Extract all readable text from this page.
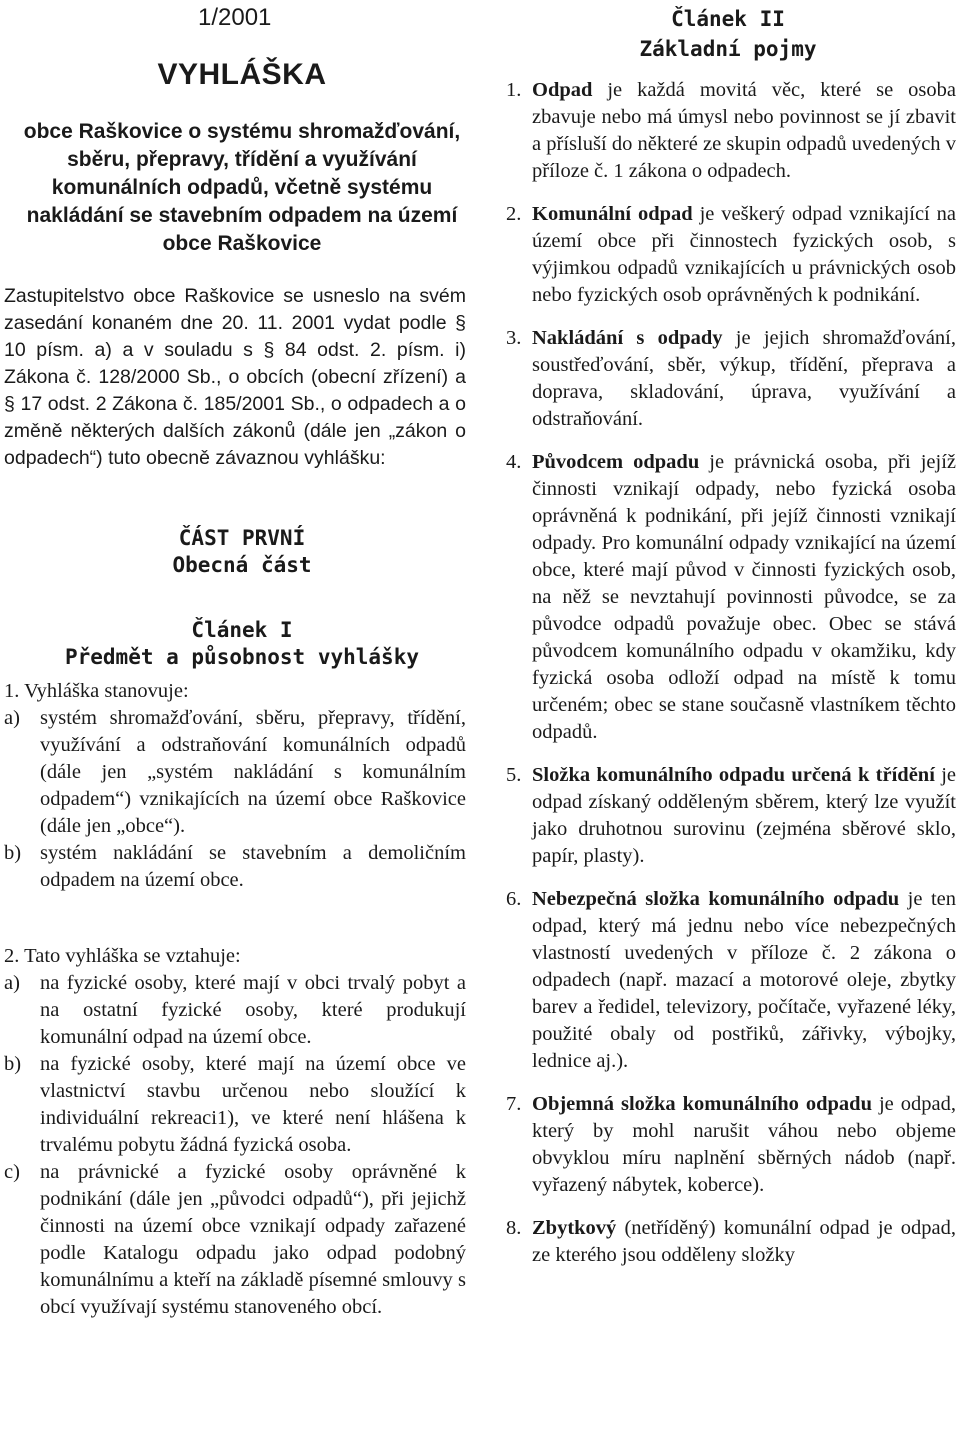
1/2001
VYHLÁŠKA
obce Raškovice o systému shromažďování,
sběru, přepravy, třídění a využívání
komunálních odpadů, včetně systému
nakládání se stavebním odpadem na území
obce Raškovice
Zastupitelstvo obce Raškovice se usneslo na svém zasedání konaném dne 20. 11. 2001 vydat podle § 10 písm. a) a v souladu s § 84 odst. 2. písm. i) Zákona č. 128/2000 Sb., o obcích (obecní zřízení) a § 17 odst. 2 Zákona č. 185/2001 Sb., o odpadech a o změně některých dalších zákonů (dále jen „zákon o odpadech“) tuto obecně závaznou vyhlášku:
ČÁST PRVNÍ
Obecná část
Článek I
Předmět a působnost vyhlášky

1. Vyhláška stanovuje:

a) systém shromažďování, sběru, přepravy, třídění, využívání a odstraňování komunálních odpadů (dále jen „systém nakládání s komunálním odpadem“) vznikajících na území obce Raškovice (dále jen „obce“).
b) systém nakládání se stavebním a demoličním odpadem na území obce.

2. Tato vyhláška se vztahuje:

a) na fyzické osoby, které mají v obci trvalý pobyt a na ostatní fyzické osoby, které produkují komunální odpad na území obce.
b) na fyzické osoby, které mají na území obce ve vlastnictví stavbu určenou nebo sloužící k individuální rekreaci1), ve které není hlášena k trvalému pobytu žádná fyzická osoba.
c) na právnické a fyzické osoby oprávněné k podnikání (dále jen „původci odpadů“), při jejichž činnosti na území obce vznikají odpady zařazené podle Katalogu odpadu jako odpad podobný komunálnímu a kteří na základě písemné smlouvy s obcí využívají systému stanoveného obcí.
Článek II
Základní pojmy
1. Odpad je každá movitá věc, které se osoba zbavuje nebo má úmysl nebo povinnost se jí zbavit a přísluší do některé ze skupin odpadů uvedených v příloze č. 1 zákona o odpadech.
2. Komunální odpad je veškerý odpad vznikající na území obce při činnostech fyzických osob, s výjimkou odpadů vznikajících u právnických osob nebo fyzických osob oprávněných k podnikání.
3. Nakládání s odpady je jejich shromažďování, soustřeďování, sběr, výkup, třídění, přeprava a doprava, skladování, úprava, využívání a odstraňování.
4. Původcem odpadu je právnická osoba, při jejíž činnosti vznikají odpady, nebo fyzická osoba oprávněná k podnikání, při jejíž činnosti vznikají odpady. Pro komunální odpady vznikající na území obce, které mají původ v činnosti fyzických osob, na něž se nevztahují povinnosti původce, se za původce odpadů považuje obec. Obec se stává původcem komunálního odpadu v okamžiku, kdy fyzická osoba odloží odpad na místě k tomu určeném; obec se stane současně vlastníkem těchto odpadů.
5. Složka komunálního odpadu určená k třídění je odpad získaný odděleným sběrem, který lze využít jako druhotnou surovinu (zejména sběrové sklo, papír, plasty).
6. Nebezpečná složka komunálního odpadu je ten odpad, který má jednu nebo více nebezpečných vlastností uvedených v příloze č. 2 zákona o odpadech (např. mazací a motorové oleje, zbytky barev a ředidel, televizory, počítače, vyřazené léky, použité obaly od postřiků, zářivky, výbojky, lednice aj.).
7. Objemná složka komunálního odpadu je odpad, který by mohl narušit váhou nebo objeme obvyklou míru naplnění sběrných nádob (např. vyřazený nábytek, koberce).
8. Zbytkový (netříděný) komunální odpad je odpad, ze kterého jsou odděleny složky
